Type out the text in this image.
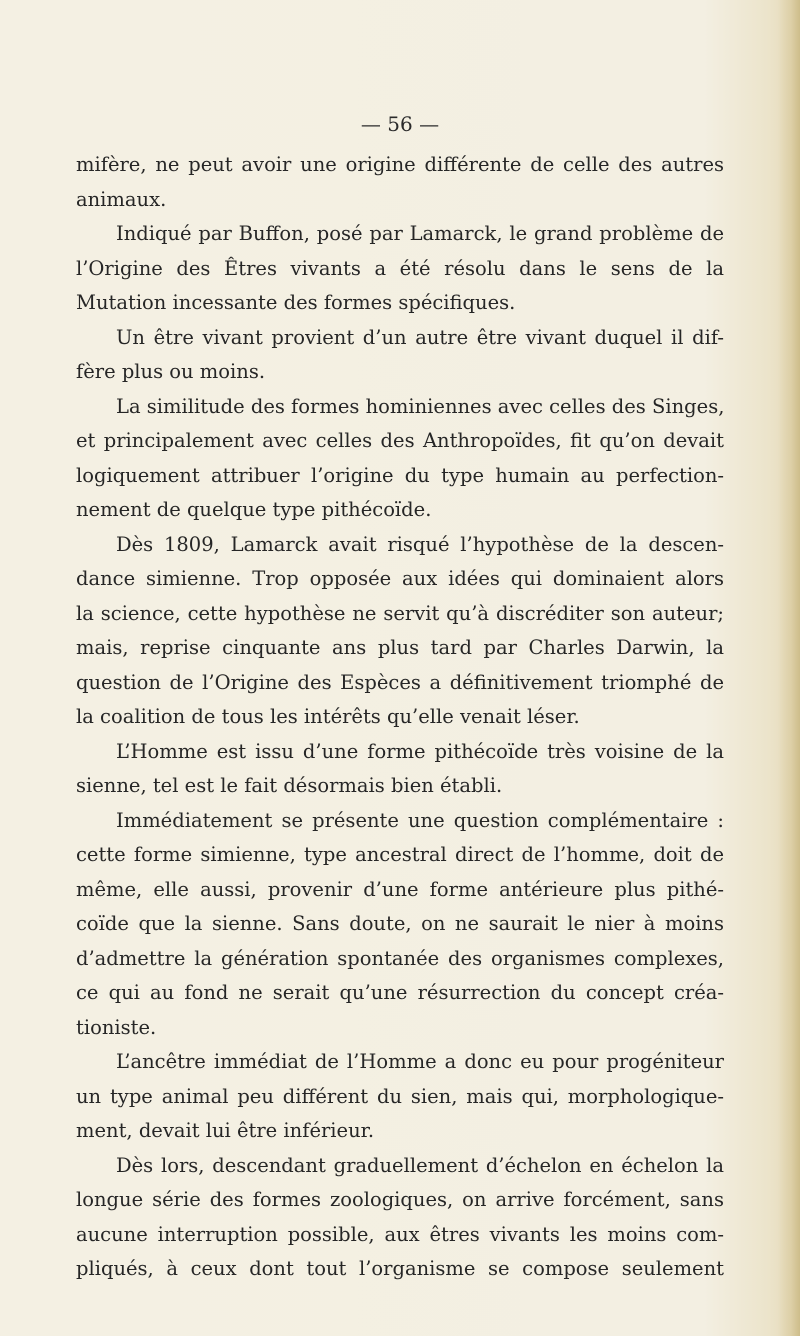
— 56 —
mifère, ne peut avoir une origine différente de celle des autres
animaux.
Indiqué par Buffon, posé par Lamarck, le grand problème de
l’Origine des Êtres vivants a été résolu dans le sens de la
Mutation incessante des formes spécifiques.
Un être vivant provient d’un autre être vivant duquel il dif-
fère plus ou moins.
La similitude des formes hominiennes avec celles des Singes,
et principalement avec celles des Anthropoïdes, fit qu’on devait
logiquement attribuer l’origine du type humain au perfection-
nement de quelque type pithécoïde.
Dès 1809, Lamarck avait risqué l’hypothèse de la descen-
dance simienne. Trop opposée aux idées qui dominaient alors
la science, cette hypothèse ne servit qu’à discréditer son auteur;
mais, reprise cinquante ans plus tard par Charles Darwin, la
question de l’Origine des Espèces a définitivement triomphé de
la coalition de tous les intérêts qu’elle venait léser.
L’Homme est issu d’une forme pithécoïde très voisine de la
sienne, tel est le fait désormais bien établi.
Immédiatement se présente une question complémentaire :
cette forme simienne, type ancestral direct de l’homme, doit de
même, elle aussi, provenir d’une forme antérieure plus pithé-
coïde que la sienne. Sans doute, on ne saurait le nier à moins
d’admettre la génération spontanée des organismes complexes,
ce qui au fond ne serait qu’une résurrection du concept créa-
tioniste.
L’ancêtre immédiat de l’Homme a donc eu pour progéniteur
un type animal peu différent du sien, mais qui, morphologique-
ment, devait lui être inférieur.
Dès lors, descendant graduellement d’échelon en échelon la
longue série des formes zoologiques, on arrive forcément, sans
aucune interruption possible, aux êtres vivants les moins com-
pliqués, à ceux dont tout l’organisme se compose seulement
